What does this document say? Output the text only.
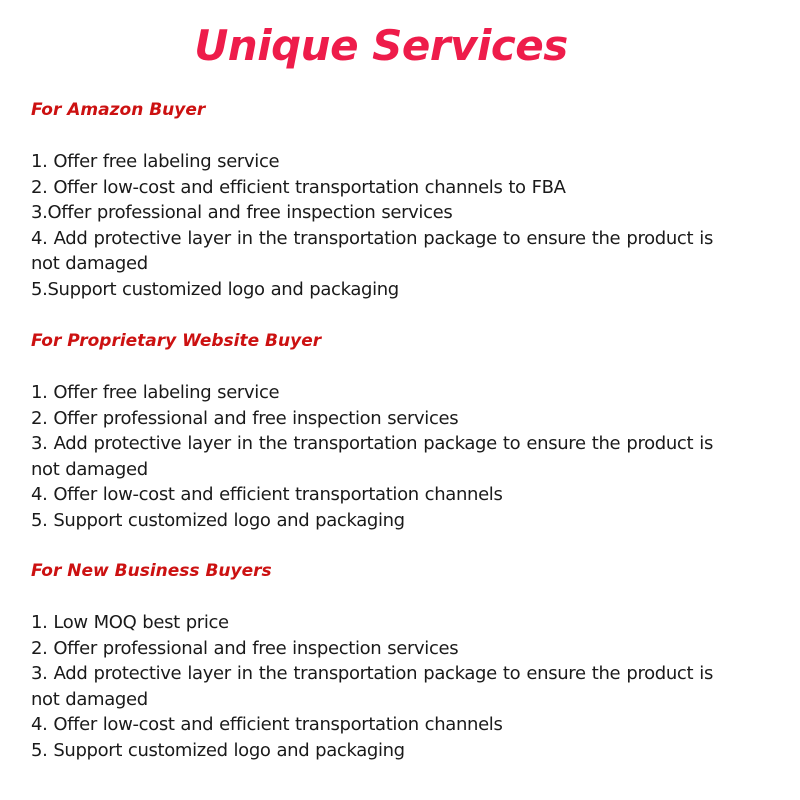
Unique Services
For Amazon Buyer
1. Offer free labeling service
2. Offer low-cost and efficient transportation channels to FBA
3.Offer professional and free inspection services
4. Add protective layer in the transportation package to ensure the product is not damaged
5.Support customized logo and packaging
For Proprietary Website Buyer
1. Offer free labeling service
2. Offer professional and free inspection services
3. Add protective layer in the transportation package to ensure the product is not damaged
4. Offer low-cost and efficient transportation channels
5. Support customized logo and packaging
For New Business Buyers
1. Low MOQ best price
2. Offer professional and free inspection services
3. Add protective layer in the transportation package to ensure the product is not damaged
4. Offer low-cost and efficient transportation channels
5. Support customized logo and packaging
